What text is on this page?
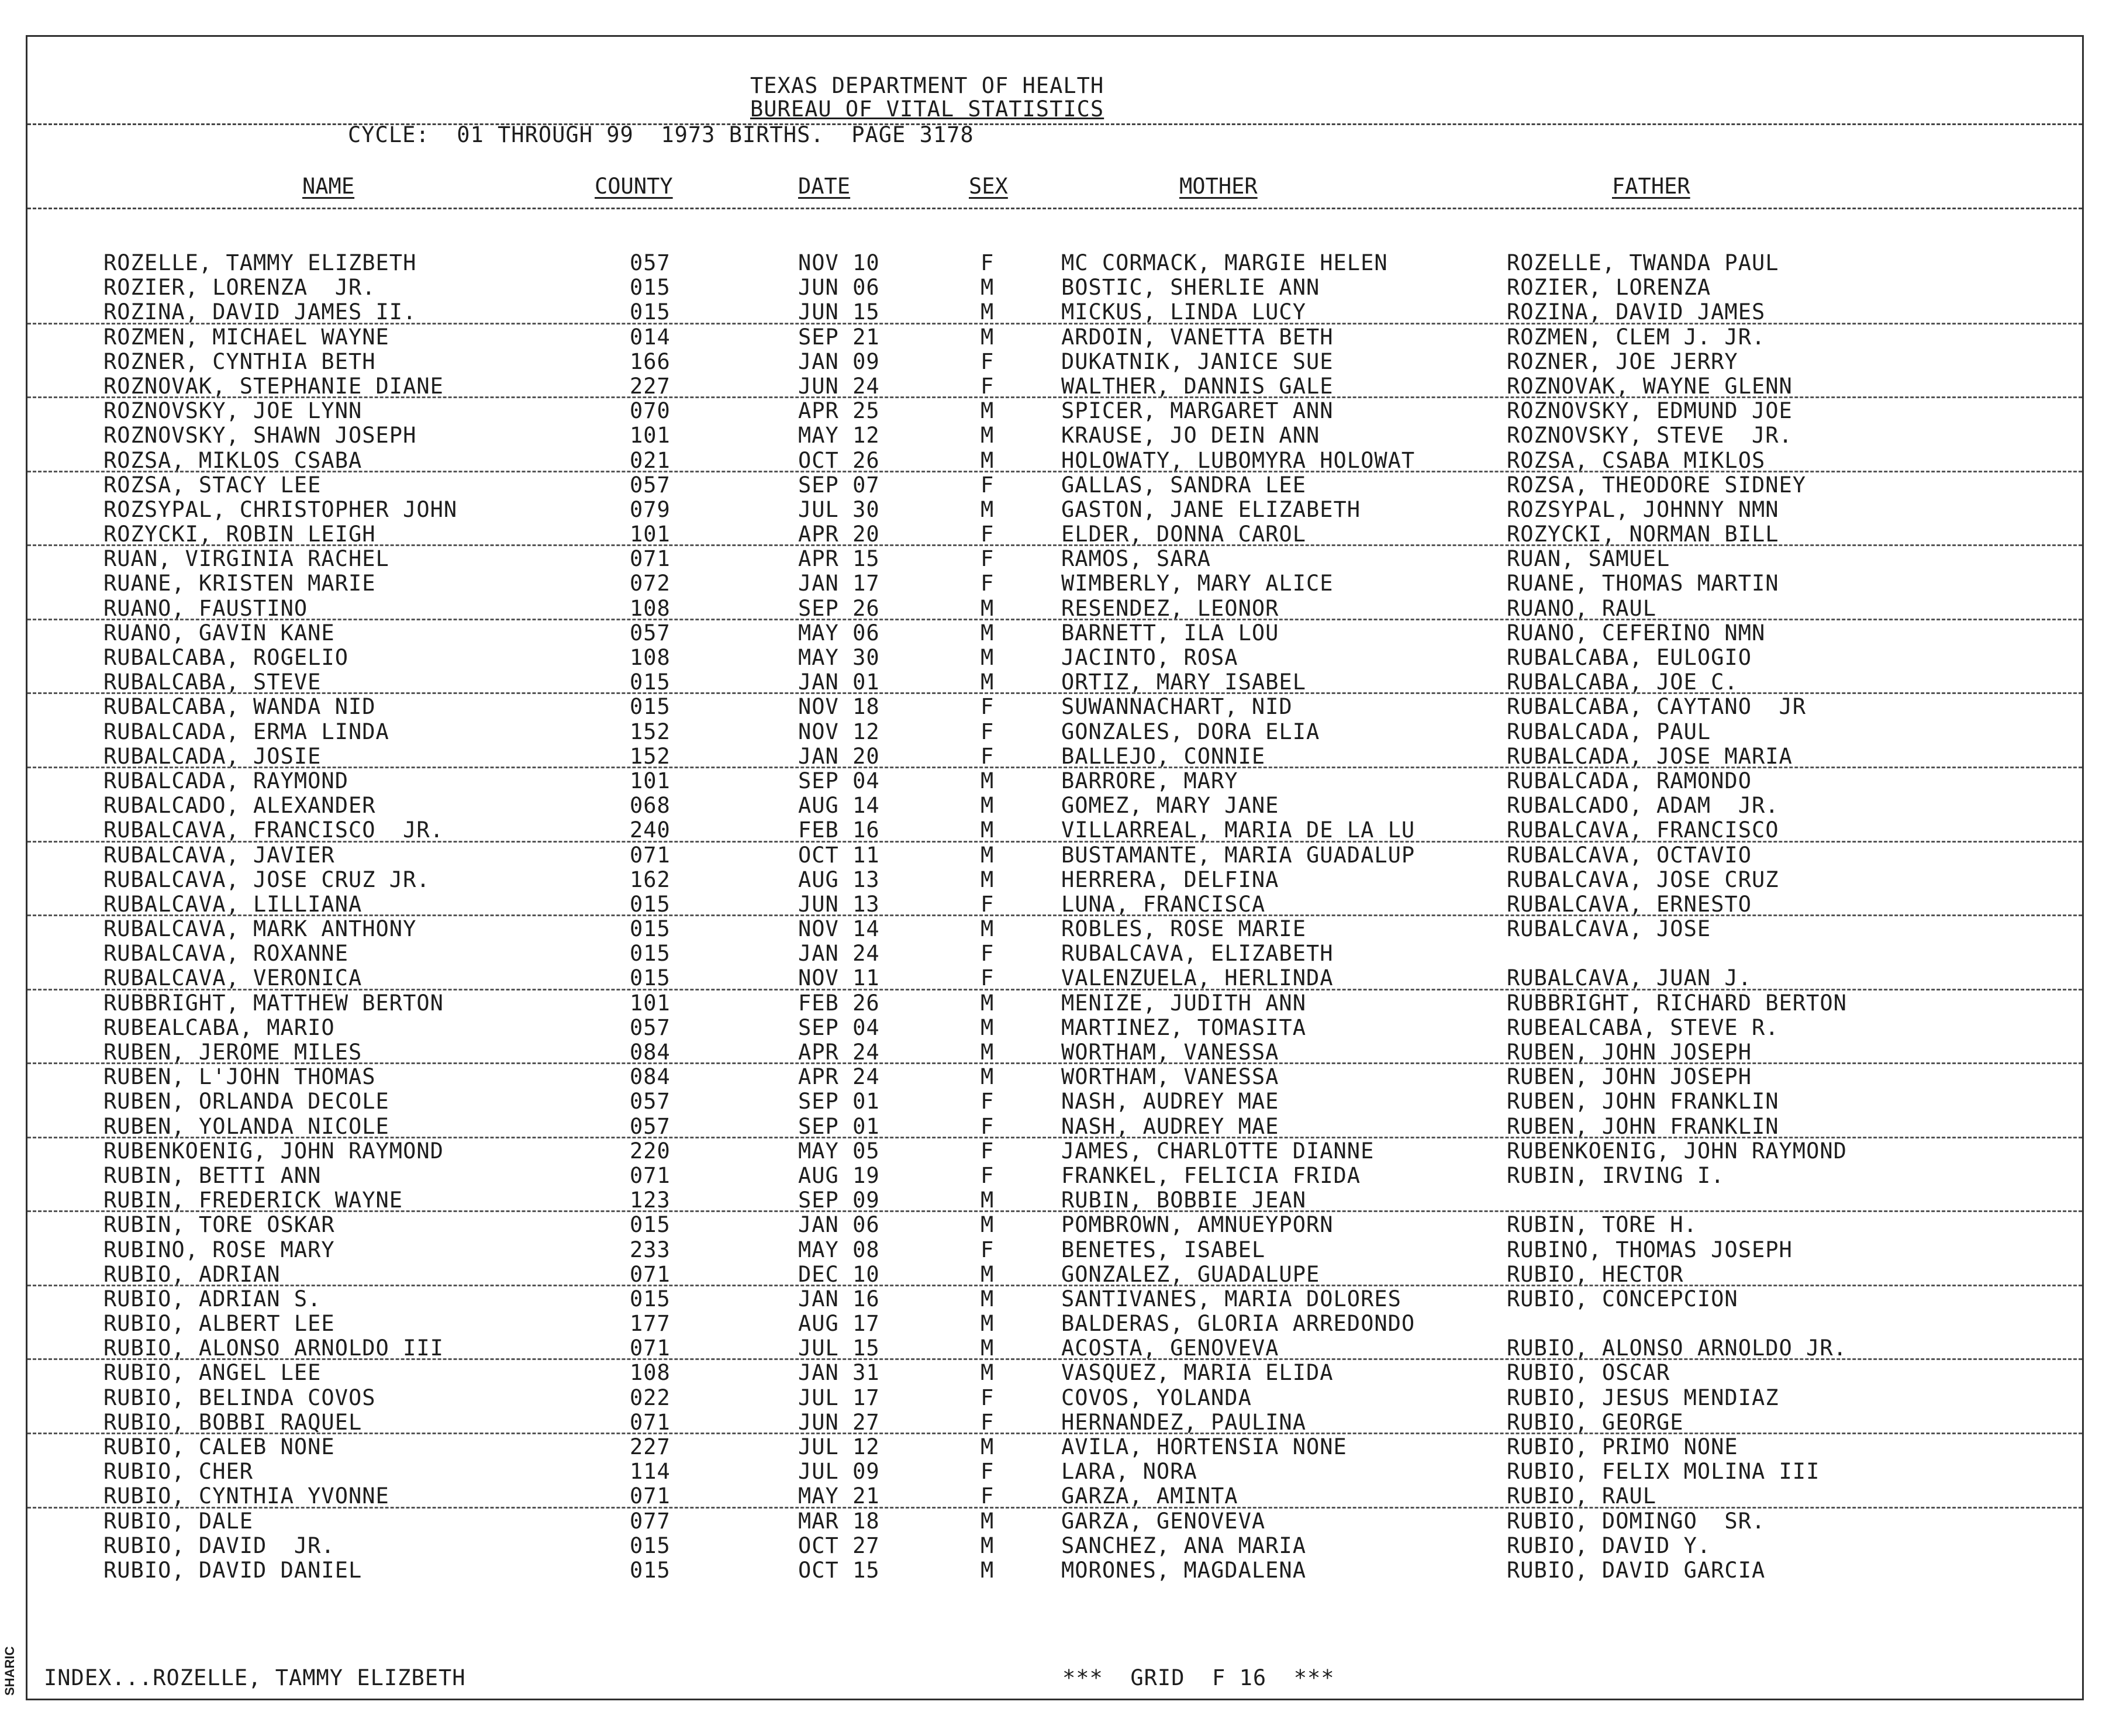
TEXAS DEPARTMENT OF HEALTH
BUREAU OF VITAL STATISTICS
CYCLE:  01 THROUGH 99  1973 BIRTHS.  PAGE 3178
NAME	COUNTY	DATE	SEX	MOTHER	FATHER
ROZELLE, TAMMY ELIZBETH	057	NOV 10	F	MC CORMACK, MARGIE HELEN	ROZELLE, TWANDA PAUL
ROZIER, LORENZA  JR.	015	JUN 06	M	BOSTIC, SHERLIE ANN	ROZIER, LORENZA
ROZINA, DAVID JAMES II.	015	JUN 15	M	MICKUS, LINDA LUCY	ROZINA, DAVID JAMES
ROZMEN, MICHAEL WAYNE	014	SEP 21	M	ARDOIN, VANETTA BETH	ROZMEN, CLEM J. JR.
ROZNER, CYNTHIA BETH	166	JAN 09	F	DUKATNIK, JANICE SUE	ROZNER, JOE JERRY
ROZNOVAK, STEPHANIE DIANE	227	JUN 24	F	WALTHER, DANNIS GALE	ROZNOVAK, WAYNE GLENN
ROZNOVSKY, JOE LYNN	070	APR 25	M	SPICER, MARGARET ANN	ROZNOVSKY, EDMUND JOE
ROZNOVSKY, SHAWN JOSEPH	101	MAY 12	M	KRAUSE, JO DEIN ANN	ROZNOVSKY, STEVE  JR.
ROZSA, MIKLOS CSABA	021	OCT 26	M	HOLOWATY, LUBOMYRA HOLOWAT	ROZSA, CSABA MIKLOS
ROZSA, STACY LEE	057	SEP 07	F	GALLAS, SANDRA LEE	ROZSA, THEODORE SIDNEY
ROZSYPAL, CHRISTOPHER JOHN	079	JUL 30	M	GASTON, JANE ELIZABETH	ROZSYPAL, JOHNNY NMN
ROZYCKI, ROBIN LEIGH	101	APR 20	F	ELDER, DONNA CAROL	ROZYCKI, NORMAN BILL
RUAN, VIRGINIA RACHEL	071	APR 15	F	RAMOS, SARA	RUAN, SAMUEL
RUANE, KRISTEN MARIE	072	JAN 17	F	WIMBERLY, MARY ALICE	RUANE, THOMAS MARTIN
RUANO, FAUSTINO	108	SEP 26	M	RESENDEZ, LEONOR	RUANO, RAUL
RUANO, GAVIN KANE	057	MAY 06	M	BARNETT, ILA LOU	RUANO, CEFERINO NMN
RUBALCABA, ROGELIO	108	MAY 30	M	JACINTO, ROSA	RUBALCABA, EULOGIO
RUBALCABA, STEVE	015	JAN 01	M	ORTIZ, MARY ISABEL	RUBALCABA, JOE C.
RUBALCABA, WANDA NID	015	NOV 18	F	SUWANNACHART, NID	RUBALCABA, CAYTANO  JR
RUBALCADA, ERMA LINDA	152	NOV 12	F	GONZALES, DORA ELIA	RUBALCADA, PAUL
RUBALCADA, JOSIE	152	JAN 20	F	BALLEJO, CONNIE	RUBALCADA, JOSE MARIA
RUBALCADA, RAYMOND	101	SEP 04	M	BARRORE, MARY	RUBALCADA, RAMONDO
RUBALCADO, ALEXANDER	068	AUG 14	M	GOMEZ, MARY JANE	RUBALCADO, ADAM  JR.
RUBALCAVA, FRANCISCO  JR.	240	FEB 16	M	VILLARREAL, MARIA DE LA LU	RUBALCAVA, FRANCISCO
RUBALCAVA, JAVIER	071	OCT 11	M	BUSTAMANTE, MARIA GUADALUP	RUBALCAVA, OCTAVIO
RUBALCAVA, JOSE CRUZ JR.	162	AUG 13	M	HERRERA, DELFINA	RUBALCAVA, JOSE CRUZ
RUBALCAVA, LILLIANA	015	JUN 13	F	LUNA, FRANCISCA	RUBALCAVA, ERNESTO
RUBALCAVA, MARK ANTHONY	015	NOV 14	M	ROBLES, ROSE MARIE	RUBALCAVA, JOSE
RUBALCAVA, ROXANNE	015	JAN 24	F	RUBALCAVA, ELIZABETH
RUBALCAVA, VERONICA	015	NOV 11	F	VALENZUELA, HERLINDA	RUBALCAVA, JUAN J.
RUBBRIGHT, MATTHEW BERTON	101	FEB 26	M	MENIZE, JUDITH ANN	RUBBRIGHT, RICHARD BERTON
RUBEALCABA, MARIO	057	SEP 04	M	MARTINEZ, TOMASITA	RUBEALCABA, STEVE R.
RUBEN, JEROME MILES	084	APR 24	M	WORTHAM, VANESSA	RUBEN, JOHN JOSEPH
RUBEN, L'JOHN THOMAS	084	APR 24	M	WORTHAM, VANESSA	RUBEN, JOHN JOSEPH
RUBEN, ORLANDA DECOLE	057	SEP 01	F	NASH, AUDREY MAE	RUBEN, JOHN FRANKLIN
RUBEN, YOLANDA NICOLE	057	SEP 01	F	NASH, AUDREY MAE	RUBEN, JOHN FRANKLIN
RUBENKOENIG, JOHN RAYMOND	220	MAY 05	F	JAMES, CHARLOTTE DIANNE	RUBENKOENIG, JOHN RAYMOND
RUBIN, BETTI ANN	071	AUG 19	F	FRANKEL, FELICIA FRIDA	RUBIN, IRVING I.
RUBIN, FREDERICK WAYNE	123	SEP 09	M	RUBIN, BOBBIE JEAN
RUBIN, TORE OSKAR	015	JAN 06	M	POMBROWN, AMNUEYPORN	RUBIN, TORE H.
RUBINO, ROSE MARY	233	MAY 08	F	BENETES, ISABEL	RUBINO, THOMAS JOSEPH
RUBIO, ADRIAN	071	DEC 10	M	GONZALEZ, GUADALUPE	RUBIO, HECTOR
RUBIO, ADRIAN S.	015	JAN 16	M	SANTIVANES, MARIA DOLORES	RUBIO, CONCEPCION
RUBIO, ALBERT LEE	177	AUG 17	M	BALDERAS, GLORIA ARREDONDO
RUBIO, ALONSO ARNOLDO III	071	JUL 15	M	ACOSTA, GENOVEVA	RUBIO, ALONSO ARNOLDO JR.
RUBIO, ANGEL LEE	108	JAN 31	M	VASQUEZ, MARIA ELIDA	RUBIO, OSCAR
RUBIO, BELINDA COVOS	022	JUL 17	F	COVOS, YOLANDA	RUBIO, JESUS MENDIAZ
RUBIO, BOBBI RAQUEL	071	JUN 27	F	HERNANDEZ, PAULINA	RUBIO, GEORGE
RUBIO, CALEB NONE	227	JUL 12	M	AVILA, HORTENSIA NONE	RUBIO, PRIMO NONE
RUBIO, CHER	114	JUL 09	F	LARA, NORA	RUBIO, FELIX MOLINA III
RUBIO, CYNTHIA YVONNE	071	MAY 21	F	GARZA, AMINTA	RUBIO, RAUL
RUBIO, DALE	077	MAR 18	M	GARZA, GENOVEVA	RUBIO, DOMINGO  SR.
RUBIO, DAVID  JR.	015	OCT 27	M	SANCHEZ, ANA MARIA	RUBIO, DAVID Y.
RUBIO, DAVID DANIEL	015	OCT 15	M	MORONES, MAGDALENA	RUBIO, DAVID GARCIA
INDEX...ROZELLE, TAMMY ELIZBETH	***  GRID  F 16  ***
SHARIC
